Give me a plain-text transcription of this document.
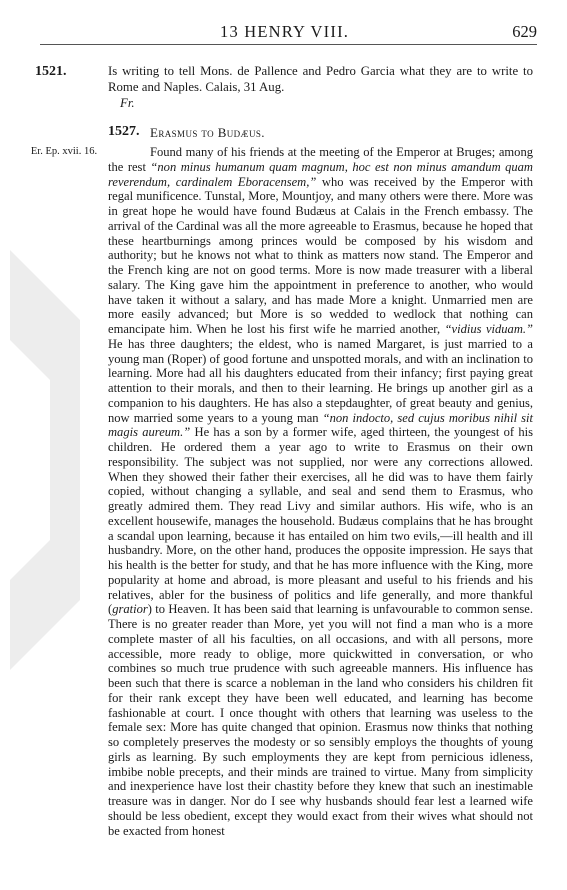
13 HENRY VIII.	629
1521.	Is writing to tell Mons. de Pallence and Pedro Garcia what they are to write to Rome and Naples. Calais, 31 Aug.

Fr.
1527. Erasmus to Budæus.
Er. Ep. xvii. 16.	Found many of his friends at the meeting of the Emperor at Bruges; among the rest “non minus humanum quam magnum, hoc est non minus amandum quam reverendum, cardinalem Eboracensem,” who was received by the Emperor with regal munificence. Tunstal, More, Mountjoy, and many others were there. More was in great hope he would have found Budæus at Calais in the French embassy. The arrival of the Cardinal was all the more agreeable to Erasmus, because he hoped that these heartburnings among princes would be composed by his wisdom and authority; but he knows not what to think as matters now stand. The Emperor and the French king are not on good terms. More is now made treasurer with a liberal salary. The King gave him the appointment in preference to another, who would have taken it without a salary, and has made More a knight. Unmarried men are more easily advanced; but More is so wedded to wedlock that nothing can emancipate him. When he lost his first wife he married another, “vidius viduam.” He has three daughters; the eldest, who is named Margaret, is just married to a young man (Roper) of good fortune and unspotted morals, and with an inclination to learning. More had all his daughters educated from their infancy; first paying great attention to their morals, and then to their learning. He brings up another girl as a companion to his daughters. He has also a stepdaughter, of great beauty and genius, now married some years to a young man “non indocto, sed cujus moribus nihil sit magis aureum.” He has a son by a former wife, aged thirteen, the youngest of his children. He ordered them a year ago to write to Erasmus on their own responsibility. The subject was not supplied, nor were any corrections allowed. When they showed their father their exercises, all he did was to have them fairly copied, without changing a syllable, and seal and send them to Erasmus, who greatly admired them. They read Livy and similar authors. His wife, who is an excellent housewife, manages the household. Budæus complains that he has brought a scandal upon learning, because it has entailed on him two evils,—ill health and ill husbandry. More, on the other hand, produces the opposite impression. He says that his health is the better for study, and that he has more influence with the King, more popularity at home and abroad, is more pleasant and useful to his friends and his relatives, abler for the business of politics and life generally, and more thankful (gratior) to Heaven. It has been said that learning is unfavourable to common sense. There is no greater reader than More, yet you will not find a man who is a more complete master of all his faculties, on all occasions, and with all persons, more accessible, more ready to oblige, more quickwitted in conversation, or who combines so much true prudence with such agreeable manners. His influence has been such that there is scarce a nobleman in the land who considers his children fit for their rank except they have been well educated, and learning has become fashionable at court. I once thought with others that learning was useless to the female sex: More has quite changed that opinion. Erasmus now thinks that nothing so completely preserves the modesty or so sensibly employs the thoughts of young girls as learning. By such employments they are kept from pernicious idleness, imbibe noble precepts, and their minds are trained to virtue. Many from simplicity and inexperience have lost their chastity before they knew that such an inestimable treasure was in danger. Nor do I see why husbands should fear lest a learned wife should be less obedient, except they would exact from their wives what should not be exacted from honest
